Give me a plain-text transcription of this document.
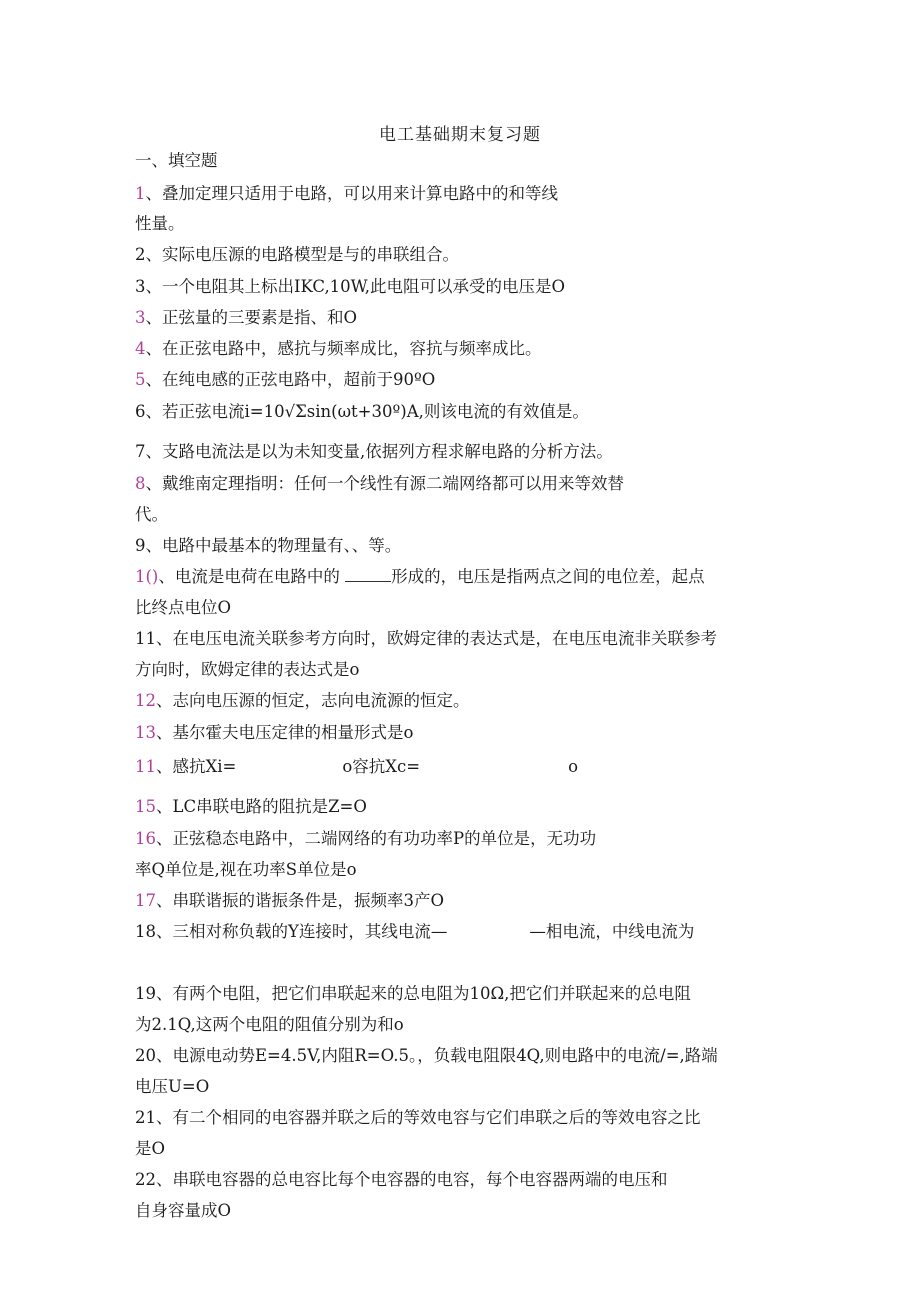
电工基础期末复习题
一、填空题
1、叠加定理只适用于电路，可以用来计算电路中的和等线
性量。
2、实际电压源的电路模型是与的串联组合。
3、一个电阻其上标出IKC,10W,此电阻可以承受的电压是O
3、正弦量的三要素是指、和O
4、在正弦电路中，感抗与频率成比，容抗与频率成比。
5、在纯电感的正弦电路中，超前于90ºO
6、若正弦电流i=10√Σsin(ωt+30º)A,则该电流的有效值是。
7、支路电流法是以为未知变量,依据列方程求解电路的分析方法。
8、戴维南定理指明：任何一个线性有源二端网络都可以用来等效替
代。
9、电路中最基本的物理量有、、等。
1()、电流是电荷在电路中的	形成的，电压是指两点之间的电位差，起点
比终点电位O
11、在电压电流关联参考方向时，欧姆定律的表达式是，在电压电流非关联参考
方向时，欧姆定律的表达式是o
12、志向电压源的恒定，志向电流源的恒定。
13、基尔霍夫电压定律的相量形式是o
11、感抗Xi=	o容抗Xc=	o
15、LC串联电路的阻抗是Z=O
16、正弦稳态电路中，二端网络的有功功率P的单位是，无功功
率Q单位是,视在功率S单位是o
17、串联谐振的谐振条件是，振频率3产O
18、三相对称负载的Y连接时，其线电流—	—相电流，中线电流为
19、有两个电阻，把它们串联起来的总电阻为10Ω,把它们并联起来的总电阻
为2.1Q,这两个电阻的阻值分别为和o
20、电源电动势E=4.5V,内阻R=O.5。，负载电阻限4Q,则电路中的电流/=,路端
电压U=O
21、有二个相同的电容器并联之后的等效电容与它们串联之后的等效电容之比
是O
22、串联电容器的总电容比每个电容器的电容，每个电容器两端的电压和
自身容量成O
